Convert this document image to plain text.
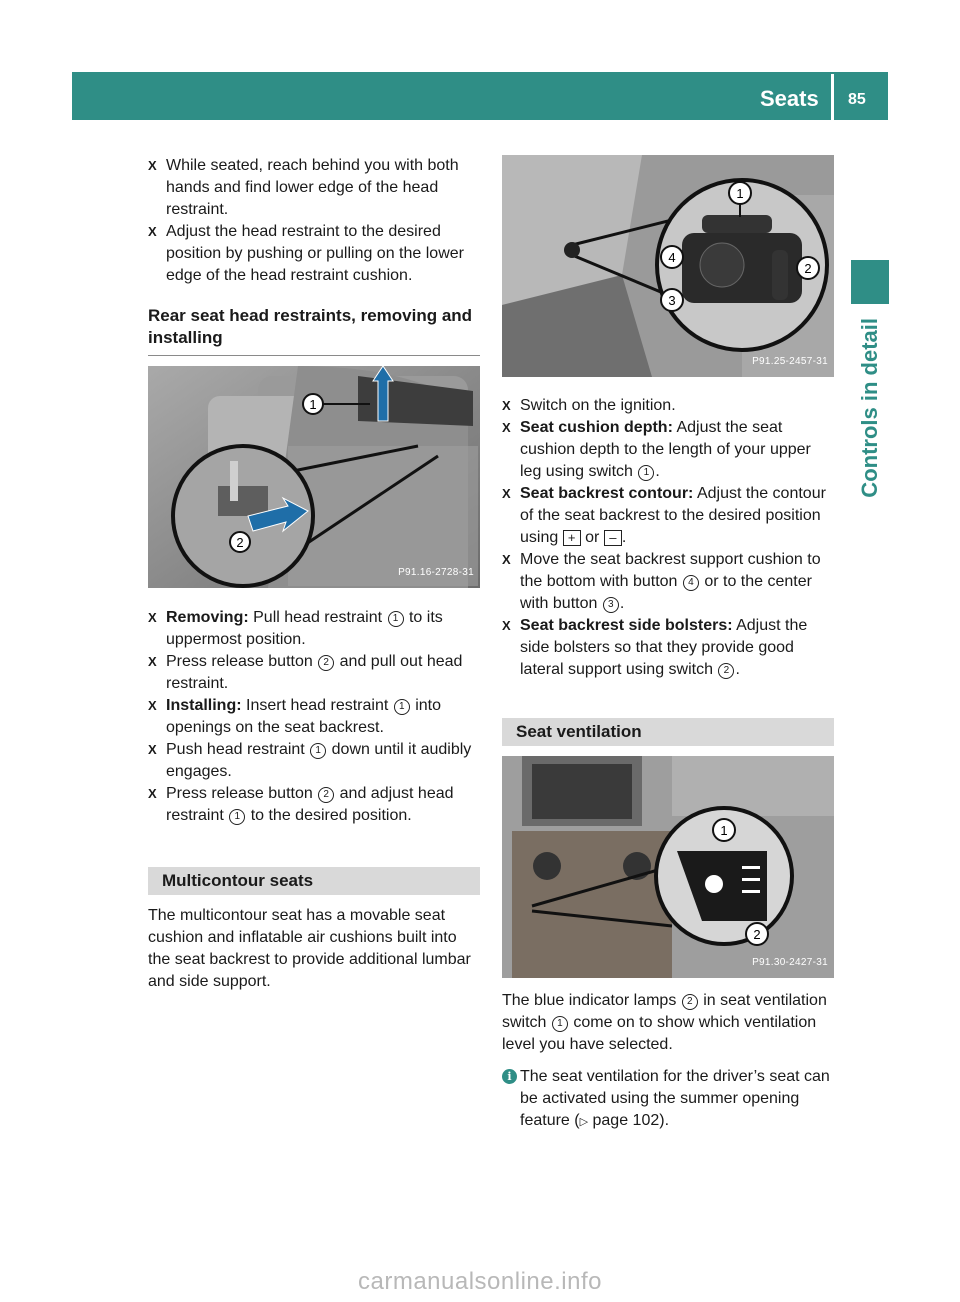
Seats 85
Controls in detail

X While seated, reach behind you with both hands and find lower edge of the head restraint.

X Adjust the head restraint to the desired position by pushing or pulling on the lower edge of the head restraint cushion.

Rear seat head restraints, removing and installing
1
2
P91.16-2728-31

X Removing: Pull head restraint 1 to its uppermost position.

X Press release button 2 and pull out head restraint.

X Installing: Insert head restraint 1 into openings on the seat backrest.

X Push head restraint 1 down until it audibly engages.

X Press release button 2 and adjust head restraint 1 to the desired position.

Multicontour seats

The multicontour seat has a movable seat cushion and inflatable air cushions built into the seat backrest to provide additional lumbar and side support.

1
2
4
3
P91.25-2457-31

X Switch on the ignition.

X Seat cushion depth: Adjust the seat cushion depth to the length of your upper leg using switch 1 .

X Seat backrest contour: Adjust the contour of the seat backrest to the desired position using + or – .

X Move the seat backrest support cushion to the bottom with button 4 or to the center with button 3 .

X Seat backrest side bolsters: Adjust the side bolsters so that they provide good lateral support using switch 2 .

Seat ventilation
1
2
P91.30-2427-31

The blue indicator lamps 2 in seat ventilation switch 1 come on to show which ventilation level you have selected.

i The seat ventilation for the driver’s seat can be activated using the summer opening feature (▷ page 102).

carmanualsonline.info
